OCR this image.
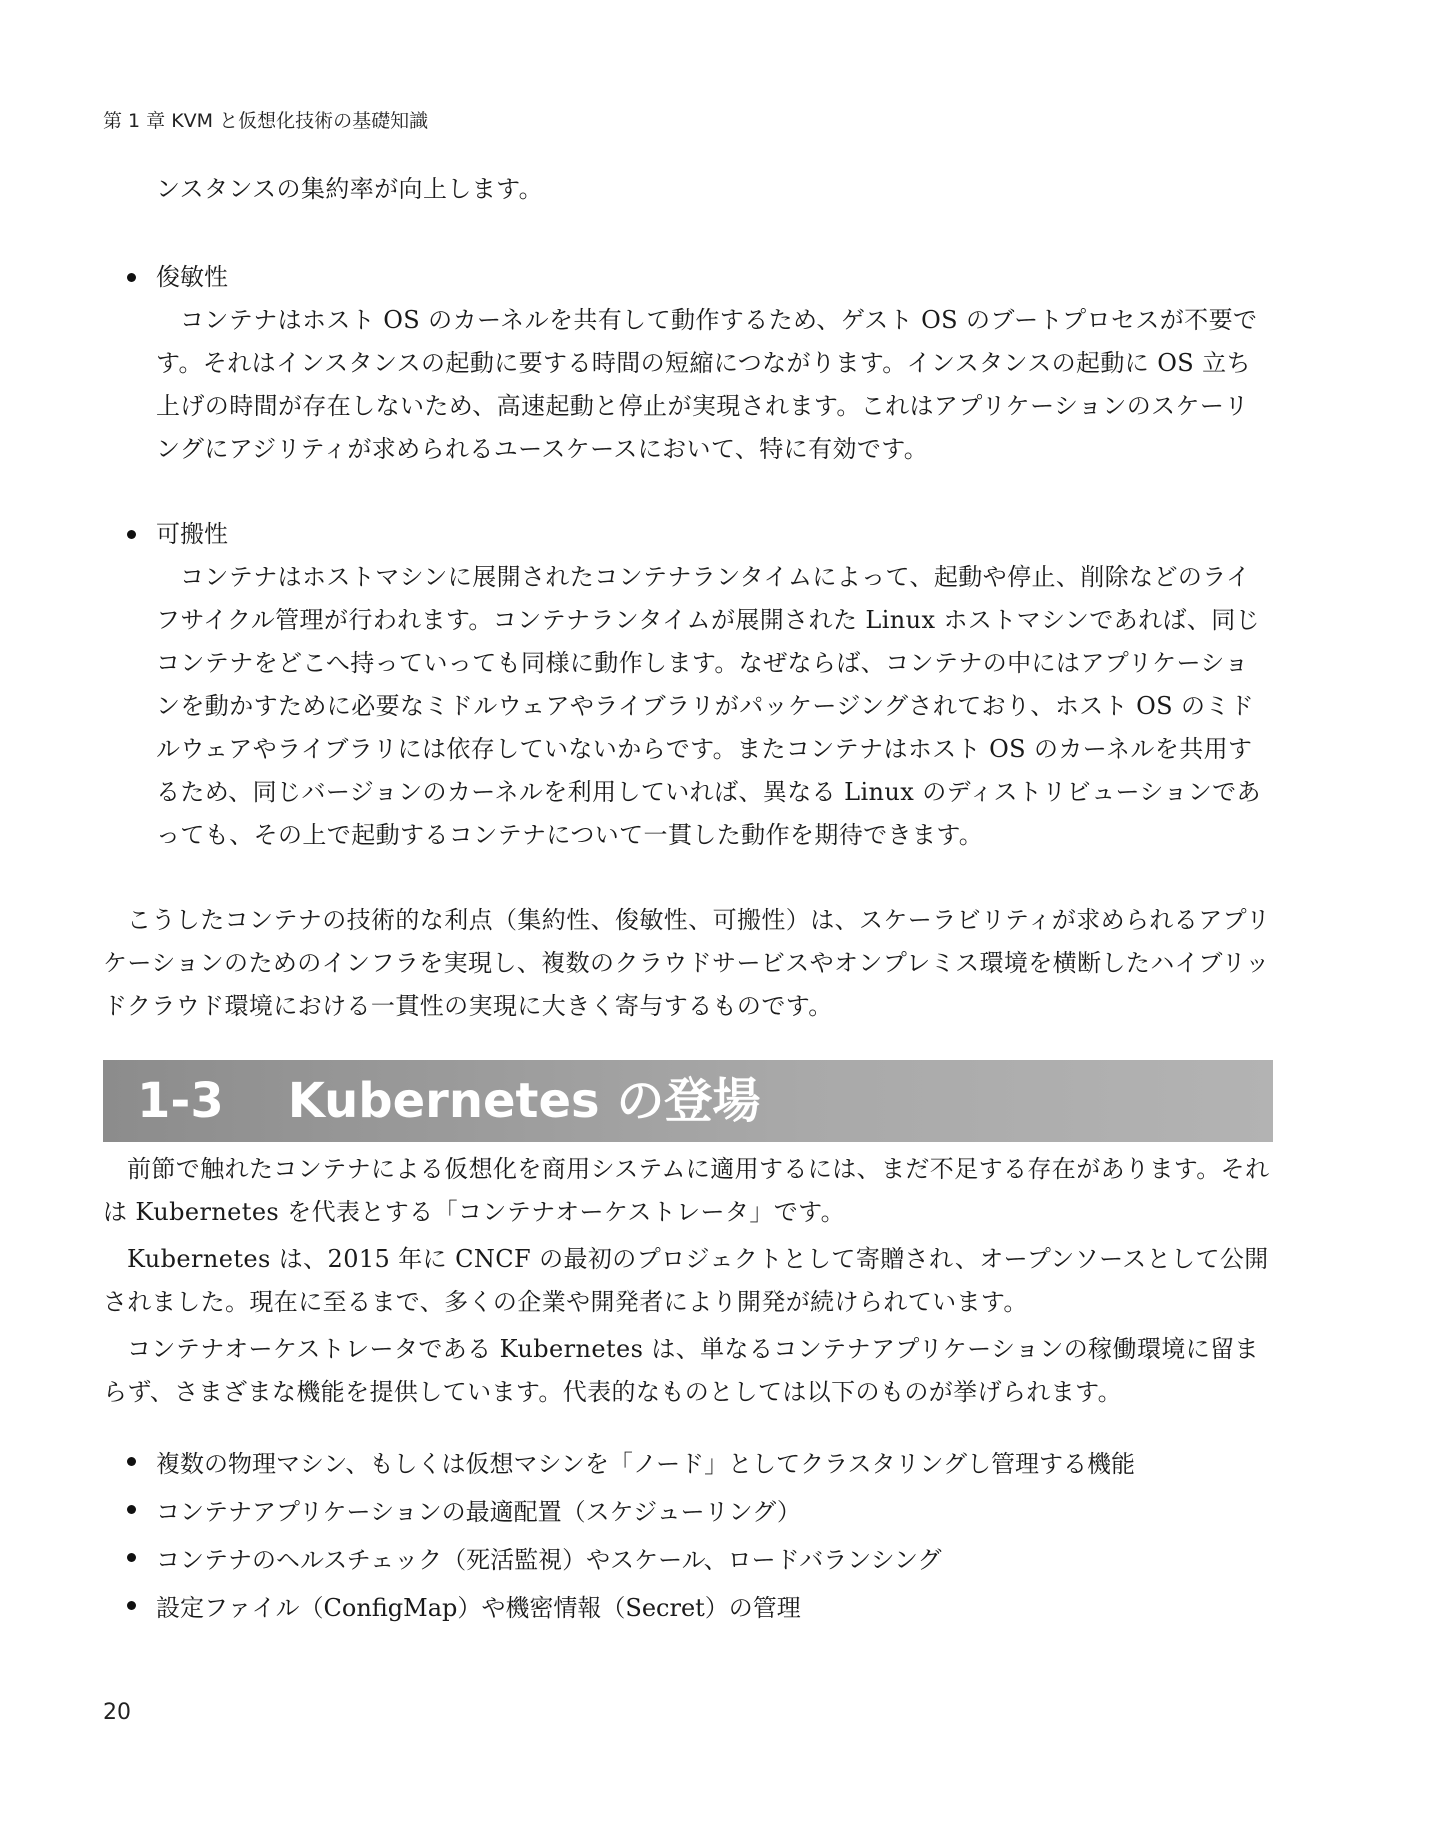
第 1 章 KVM と仮想化技術の基礎知識

ンスタンスの集約率が向上します。

俊敏性

コンテナはホスト OS のカーネルを共有して動作するため、ゲスト OS のブートプロセスが不要です。それはインスタンスの起動に要する時間の短縮につながります。インスタンスの起動に OS 立ち上げの時間が存在しないため、高速起動と停止が実現されます。これはアプリケーションのスケーリングにアジリティが求められるユースケースにおいて、特に有効です。

可搬性

コンテナはホストマシンに展開されたコンテナランタイムによって、起動や停止、削除などのライフサイクル管理が行われます。コンテナランタイムが展開された Linux ホストマシンであれば、同じコンテナをどこへ持っていっても同様に動作します。なぜならば、コンテナの中にはアプリケーションを動かすために必要なミドルウェアやライブラリがパッケージングされており、ホスト OS のミドルウェアやライブラリには依存していないからです。またコンテナはホスト OS のカーネルを共用するため、同じバージョンのカーネルを利用していれば、異なる Linux のディストリビューションであっても、その上で起動するコンテナについて一貫した動作を期待できます。

こうしたコンテナの技術的な利点（集約性、俊敏性、可搬性）は、スケーラビリティが求められるアプリケーションのためのインフラを実現し、複数のクラウドサービスやオンプレミス環境を横断したハイブリッドクラウド環境における一貫性の実現に大きく寄与するものです。

1-3 Kubernetes の登場

前節で触れたコンテナによる仮想化を商用システムに適用するには、まだ不足する存在があります。それは Kubernetes を代表とする「コンテナオーケストレータ」です。

Kubernetes は、2015 年に CNCF の最初のプロジェクトとして寄贈され、オープンソースとして公開されました。現在に至るまで、多くの企業や開発者により開発が続けられています。

コンテナオーケストレータである Kubernetes は、単なるコンテナアプリケーションの稼働環境に留まらず、さまざまな機能を提供しています。代表的なものとしては以下のものが挙げられます。

複数の物理マシン、もしくは仮想マシンを「ノード」としてクラスタリングし管理する機能
コンテナアプリケーションの最適配置（スケジューリング）
コンテナのヘルスチェック（死活監視）やスケール、ロードバランシング
設定ファイル（ConfigMap）や機密情報（Secret）の管理
20
